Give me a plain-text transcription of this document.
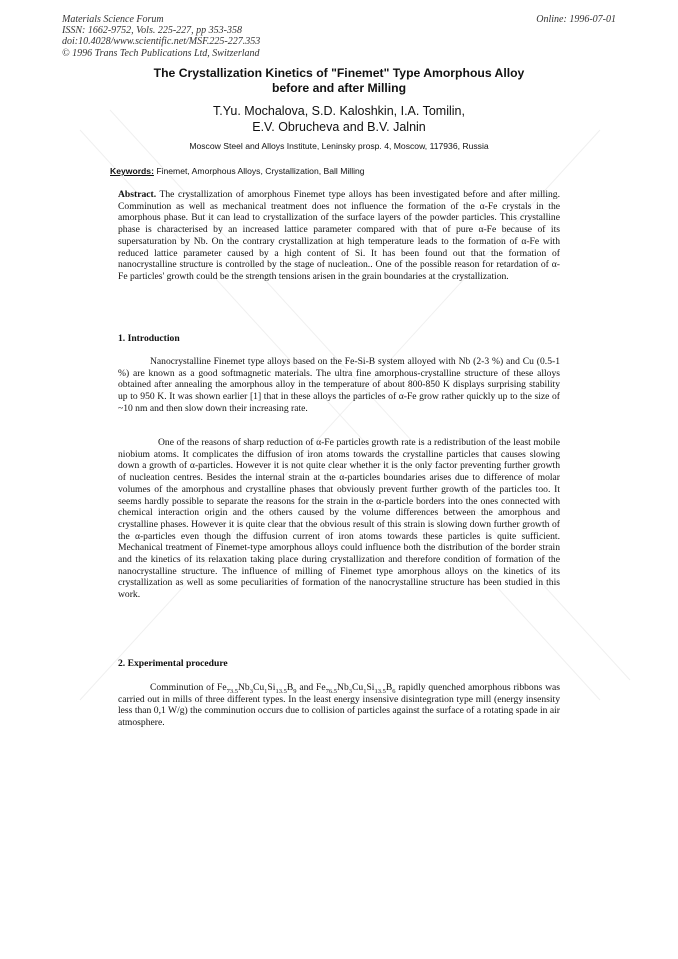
Materials Science Forum
ISSN: 1662-9752, Vols. 225-227, pp 353-358
doi:10.4028/www.scientific.net/MSF.225-227.353
© 1996 Trans Tech Publications Ltd, Switzerland
Online: 1996-07-01
The Crystallization Kinetics of "Finemet" Type Amorphous Alloy
before and after Milling
T.Yu. Mochalova, S.D. Kaloshkin, I.A. Tomilin,
E.V. Obrucheva and B.V. Jalnin
Moscow Steel and Alloys Institute, Leninsky prosp. 4, Moscow, 117936, Russia
Keywords: Finemet, Amorphous Alloys, Crystallization, Ball Milling

Abstract. The crystallization of amorphous Finemet type alloys has been investigated before and after milling. Comminution as well as mechanical treatment does not influence the formation of the α-Fe crystals in the amorphous phase. But it can lead to crystallization of the surface layers of the powder particles. This crystalline phase is characterised by an increased lattice parameter compared with that of pure α-Fe because of its supersaturation by Nb. On the contrary crystallization at high temperature leads to the formation of α-Fe with reduced lattice parameter caused by a high content of Si. It has been found out that the formation of nanocrystalline structure is controlled by the stage of nucleation.. One of the possible reason for retardation of α-Fe particles' growth could be the strength tensions arisen in the grain boundaries at the crystallization.

1. Introduction

Nanocrystalline Finemet type alloys based on the Fe-Si-B system alloyed with Nb (2-3 %) and Cu (0.5-1 %) are known as a good softmagnetic materials. The ultra fine amorphous-crystalline structure of these alloys obtained after annealing the amorphous alloy in the temperature of about 800-850 K displays surprising stability up to 950 K. It was shown earlier [1] that in these alloys the particles of α-Fe grow rather quickly up to the size of ~10 nm and then slow down their increasing rate.

One of the reasons of sharp reduction of α-Fe particles growth rate is a redistribution of the least mobile niobium atoms. It complicates the diffusion of iron atoms towards the crystalline particles that causes slowing down a growth of α-particles. However it is not quite clear whether it is the only factor preventing further growth of nucleation centres. Besides the internal strain at the α-particles boundaries arises due to difference of molar volumes of the amorphous and crystalline phases that obviously prevent further growth of the particles too. It seems hardly possible to separate the reasons for the strain in the α-particle borders into the ones connected with chemical interaction origin and the others caused by the volume differences between the amorphous and crystalline phases. However it is quite clear that the obvious result of this strain is slowing down further growth of the α-particles even though the diffusion current of iron atoms towards these particles is quite sufficient. Mechanical treatment of Finemet-type amorphous alloys could influence both the distribution of the border strain and the kinetics of its relaxation taking place during crystallization and therefore condition of formation of the nanocrystalline structure. The influence of milling of Finemet type amorphous alloys on the kinetics of its crystallization as well as some peculiarities of formation of the nanocrystalline structure has been studied in this work.

2. Experimental procedure

Comminution of $Fe_{73.5}Nb_3Cu_1Si_{13.5}B_9$ and $Fe_{76.5}Nb_3Cu_1Si_{13.5}B_6$ rapidly quenched amorphous ribbons was carried out in mills of three different types. In the least energy insensive disintegration type mill (energy insensity less than 0,1 W/g) the comminution occurs due to collision of particles against the surface of a rotating spade in air atmosphere.
